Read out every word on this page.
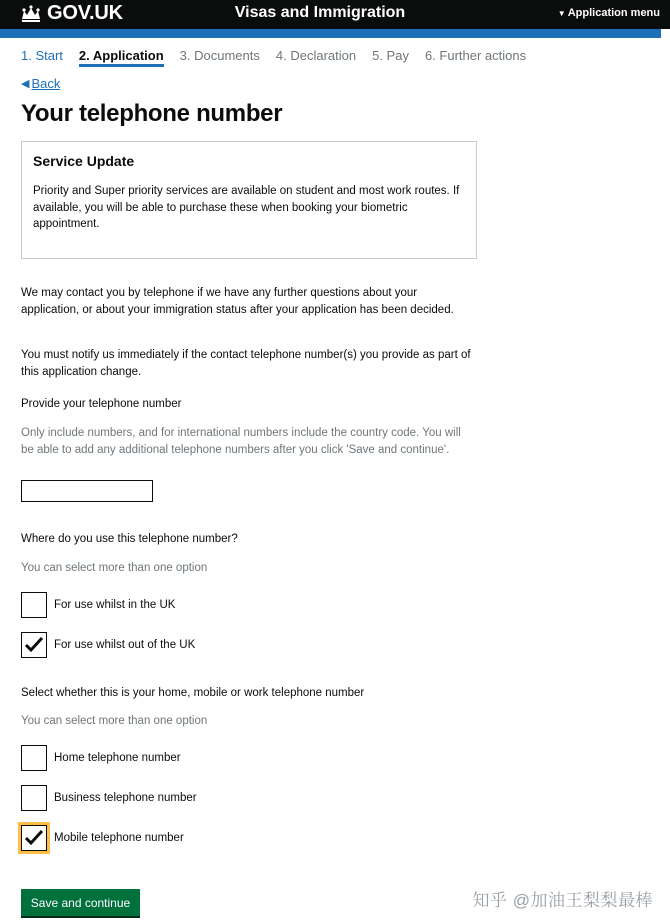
GOV.UK	Visas and Immigration	▼ Application menu
1. Start 2. Application 3. Documents 4. Declaration 5. Pay 6. Further actions
◀ Back
Your telephone number
Service Update

Priority and Super priority services are available on student and most work routes. If available, you will be able to purchase these when booking your biometric appointment.

We may contact you by telephone if we have any further questions about your application, or about your immigration status after your application has been decided.

You must notify us immediately if the contact telephone number(s) you provide as part of this application change.

Provide your telephone number

Only include numbers, and for international numbers include the country code. You will be able to add any additional telephone numbers after you click 'Save and continue'.

Where do you use this telephone number?

You can select more than one option

For use whilst in the UK
For use whilst out of the UK

Select whether this is your home, mobile or work telephone number

You can select more than one option

Home telephone number
Business telephone number
Mobile telephone number
Save and continue	知乎 @加油王梨梨最棒
